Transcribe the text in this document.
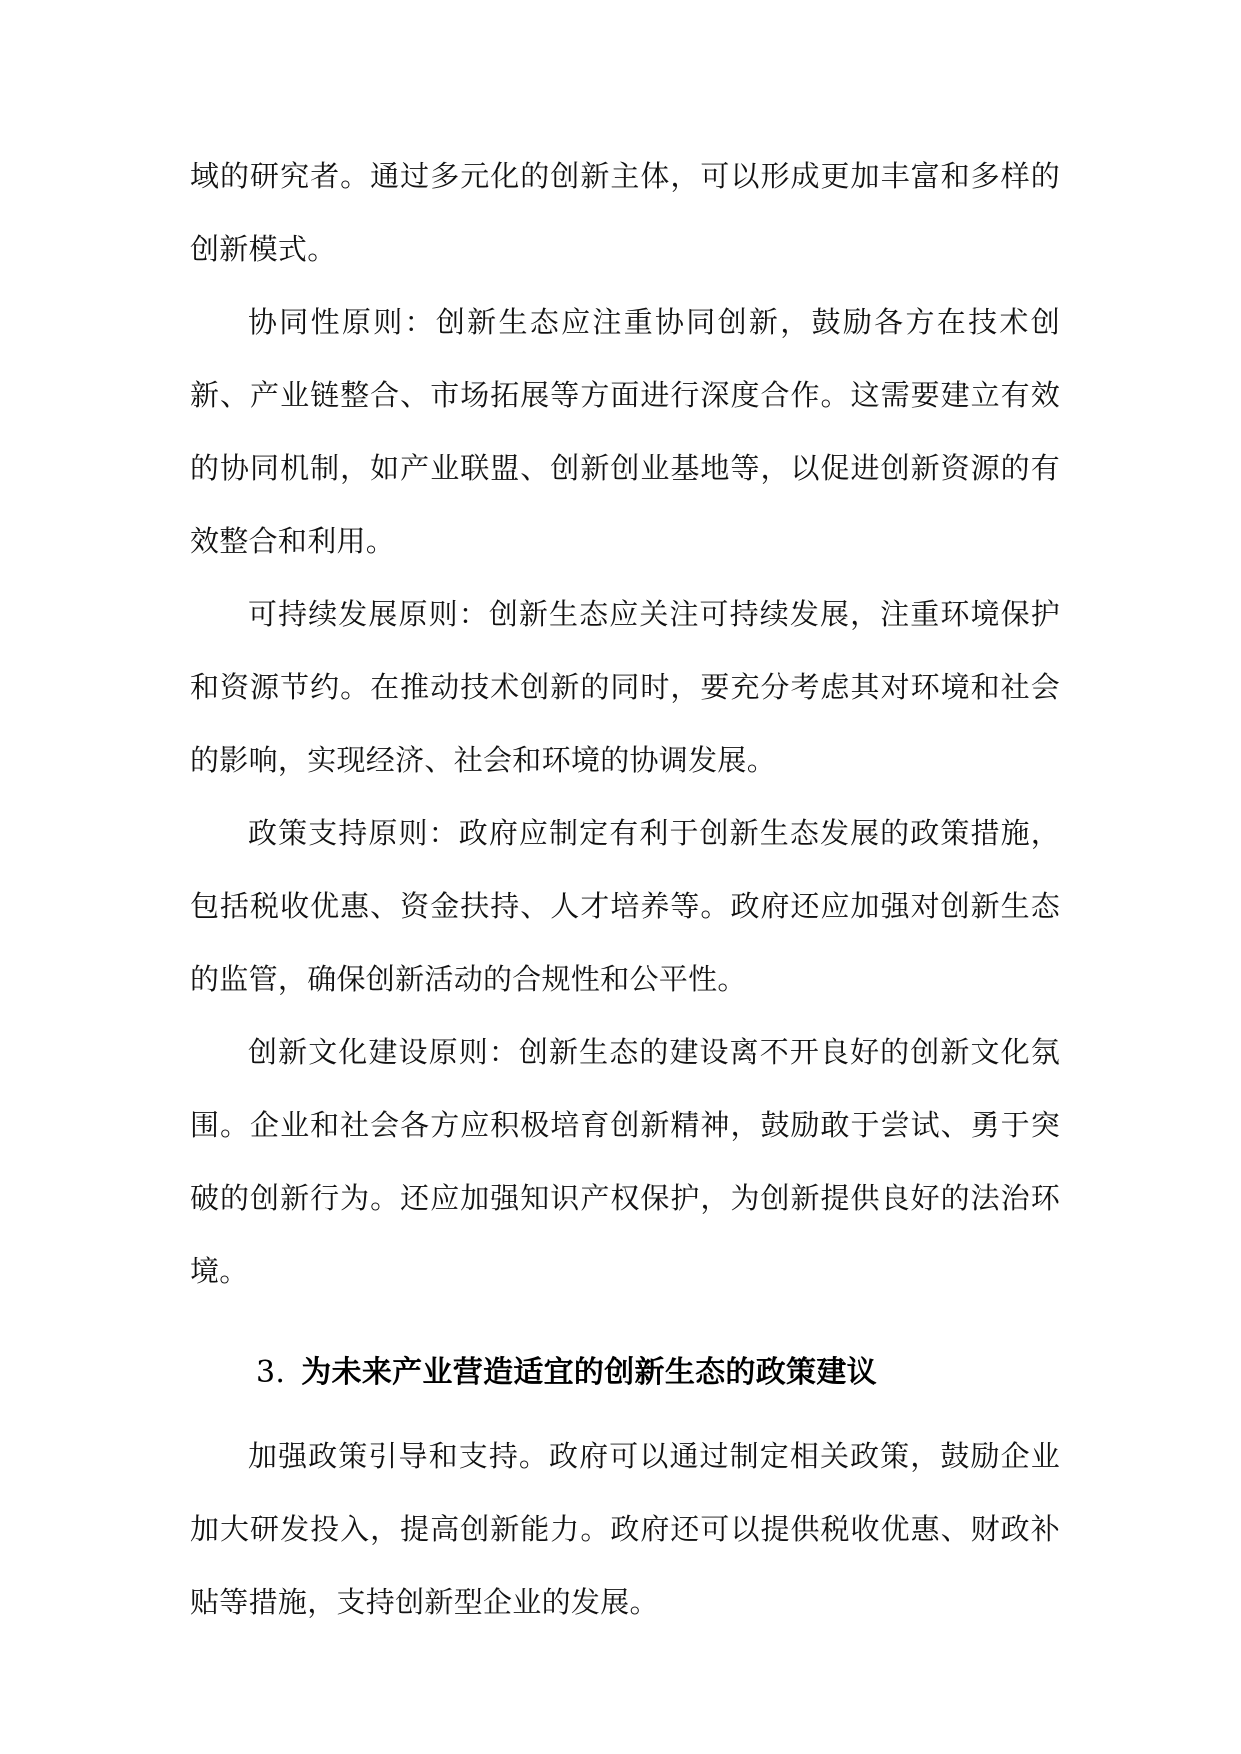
域的研究者。通过多元化的创新主体，可以形成更加丰富和多样的创新模式。

协同性原则：创新生态应注重协同创新，鼓励各方在技术创新、产业链整合、市场拓展等方面进行深度合作。这需要建立有效的协同机制，如产业联盟、创新创业基地等，以促进创新资源的有效整合和利用。

可持续发展原则：创新生态应关注可持续发展，注重环境保护和资源节约。在推动技术创新的同时，要充分考虑其对环境和社会的影响，实现经济、社会和环境的协调发展。

政策支持原则：政府应制定有利于创新生态发展的政策措施，包括税收优惠、资金扶持、人才培养等。政府还应加强对创新生态的监管，确保创新活动的合规性和公平性。

创新文化建设原则：创新生态的建设离不开良好的创新文化氛围。企业和社会各方应积极培育创新精神，鼓励敢于尝试、勇于突破的创新行为。还应加强知识产权保护，为创新提供良好的法治环境。

3. 为未来产业营造适宜的创新生态的政策建议

加强政策引导和支持。政府可以通过制定相关政策，鼓励企业加大研发投入，提高创新能力。政府还可以提供税收优惠、财政补贴等措施，支持创新型企业的发展。
